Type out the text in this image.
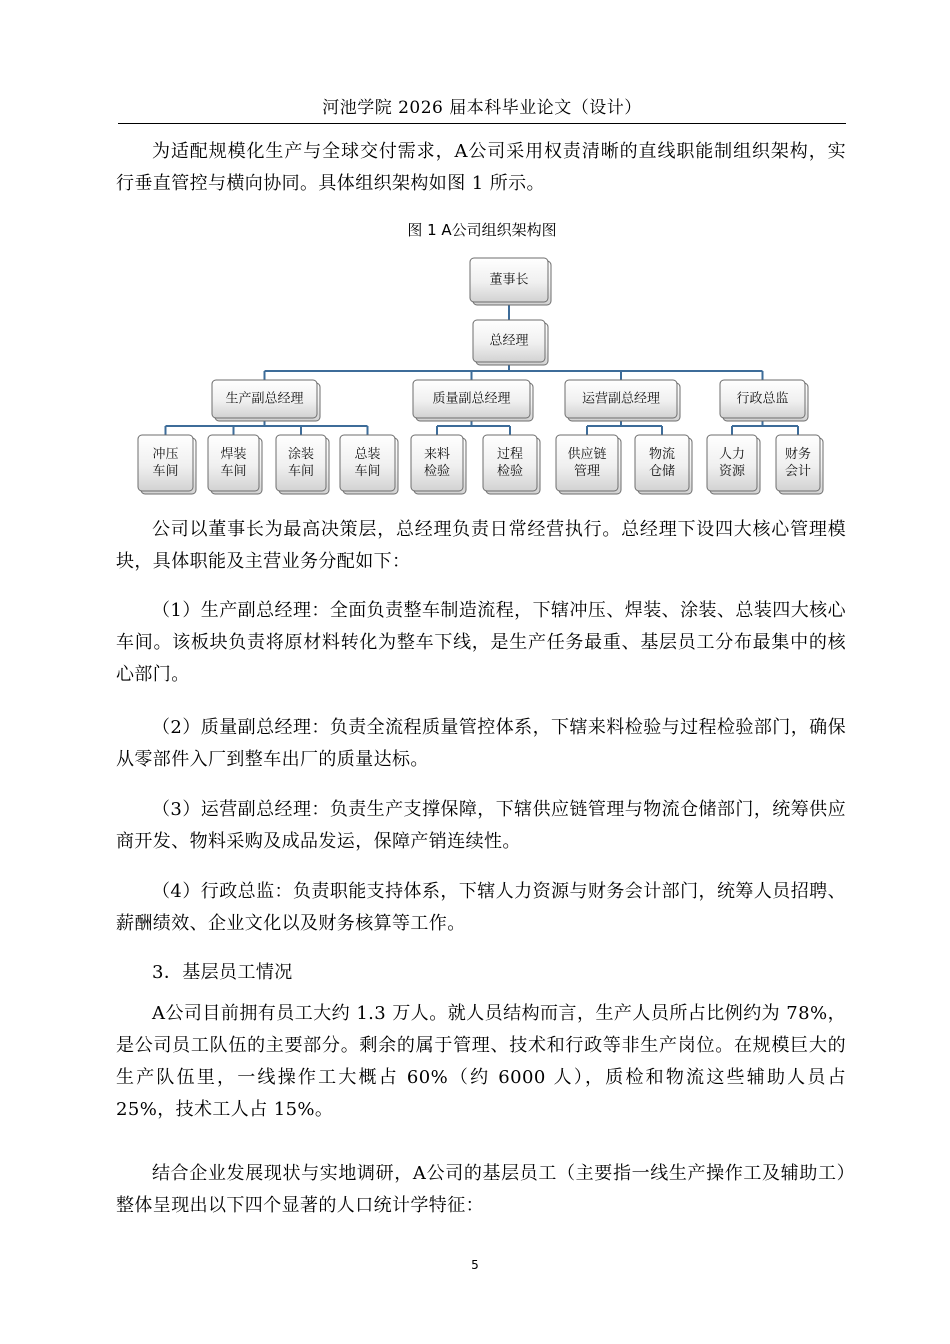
河池学院 2026 届本科毕业论文（设计）

为适配规模化生产与全球交付需求，A公司采用权责清晰的直线职能制组织架构，实行垂直管控与横向协同。具体组织架构如图 1 所示。

图 1 A公司组织架构图
董事长
总经理
生产副总经理
冲压
车间
焊装
车间
涂装
车间
总装
车间
质量副总经理
来料
检验
过程
检验
运营副总经理
供应链
管理
物流
仓储
行政总监
人力
资源
财务
会计

公司以董事长为最高决策层，总经理负责日常经营执行。总经理下设四大核心管理模块，具体职能及主营业务分配如下：

（1）生产副总经理：全面负责整车制造流程，下辖冲压、焊装、涂装、总装四大核心车间。该板块负责将原材料转化为整车下线，是生产任务最重、基层员工分布最集中的核心部门。

（2）质量副总经理：负责全流程质量管控体系，下辖来料检验与过程检验部门，确保从零部件入厂到整车出厂的质量达标。

（3）运营副总经理：负责生产支撑保障，下辖供应链管理与物流仓储部门，统筹供应商开发、物料采购及成品发运，保障产销连续性。

（4）行政总监：负责职能支持体系，下辖人力资源与财务会计部门，统筹人员招聘、薪酬绩效、企业文化以及财务核算等工作。

3．基层员工情况

A公司目前拥有员工大约 1.3 万人。就人员结构而言，生产人员所占比例约为 78%，是公司员工队伍的主要部分。剩余的属于管理、技术和行政等非生产岗位。在规模巨大的生产队伍里，一线操作工大概占 60%（约 6000 人），质检和物流这些辅助人员占 25%，技术工人占 15%。

结合企业发展现状与实地调研，A公司的基层员工（主要指一线生产操作工及辅助工）整体呈现出以下四个显著的人口统计学特征：

5
